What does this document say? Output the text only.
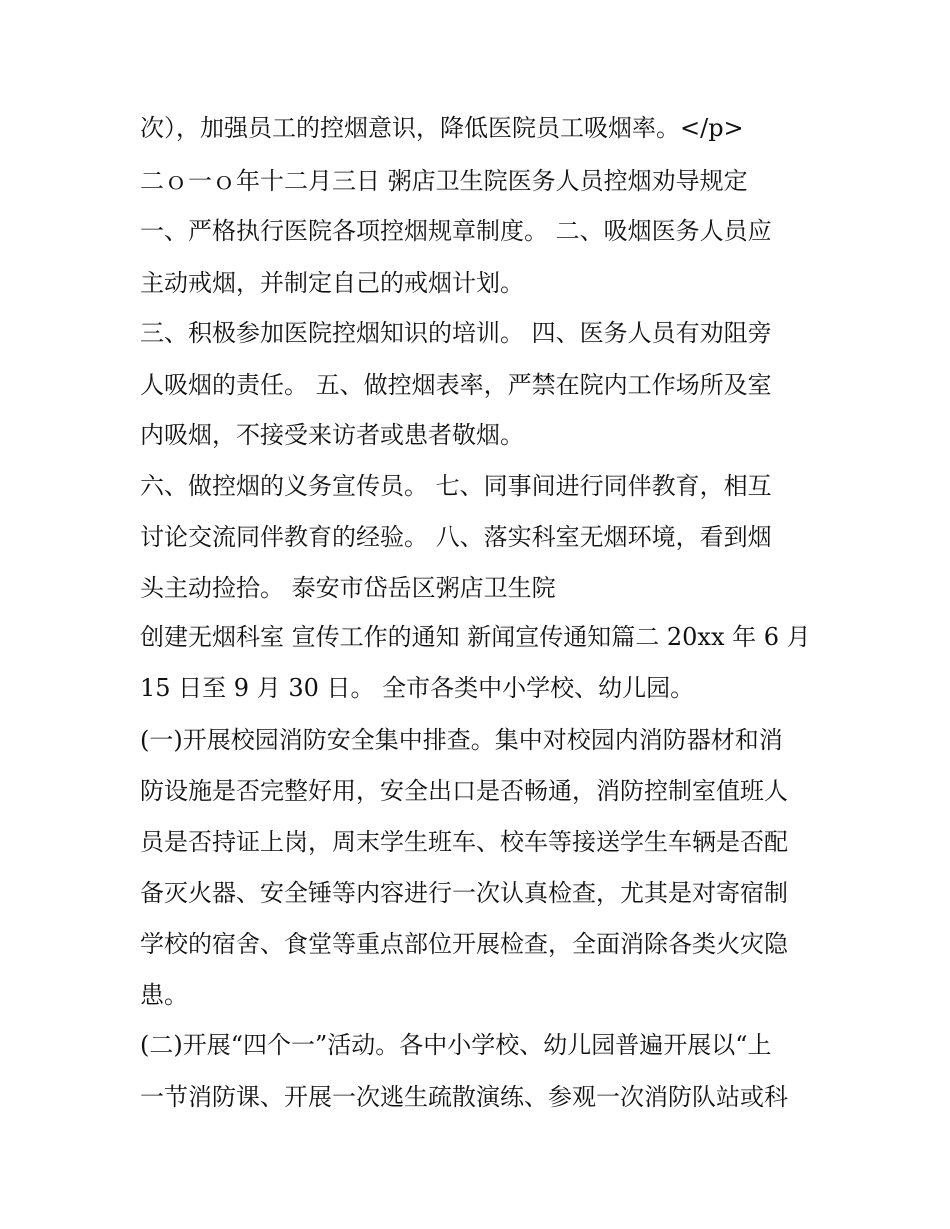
次），加强员工的控烟意识，降低医院员工吸烟率。</p>
二ｏ一ｏ年十二月三日 粥店卫生院医务人员控烟劝导规定
一、严格执行医院各项控烟规章制度。 二、吸烟医务人员应
主动戒烟，并制定自己的戒烟计划。
三、积极参加医院控烟知识的培训。 四、医务人员有劝阻旁
人吸烟的责任。 五、做控烟表率，严禁在院内工作场所及室
内吸烟，不接受来访者或患者敬烟。
六、做控烟的义务宣传员。 七、同事间进行同伴教育，相互
讨论交流同伴教育的经验。 八、落实科室无烟环境，看到烟
头主动捡拾。 泰安市岱岳区粥店卫生院
创建无烟科室 宣传工作的通知 新闻宣传通知篇二 20xx 年 6 月
15 日至 9 月 30 日。 全市各类中小学校、幼儿园。
(一)开展校园消防安全集中排查。集中对校园内消防器材和消
防设施是否完整好用，安全出口是否畅通，消防控制室值班人
员是否持证上岗，周末学生班车、校车等接送学生车辆是否配
备灭火器、安全锤等内容进行一次认真检查，尤其是对寄宿制
学校的宿舍、食堂等重点部位开展检查，全面消除各类火灾隐
患。
(二)开展“四个一”活动。各中小学校、幼儿园普遍开展以“上
一节消防课、开展一次逃生疏散演练、参观一次消防队站或科
